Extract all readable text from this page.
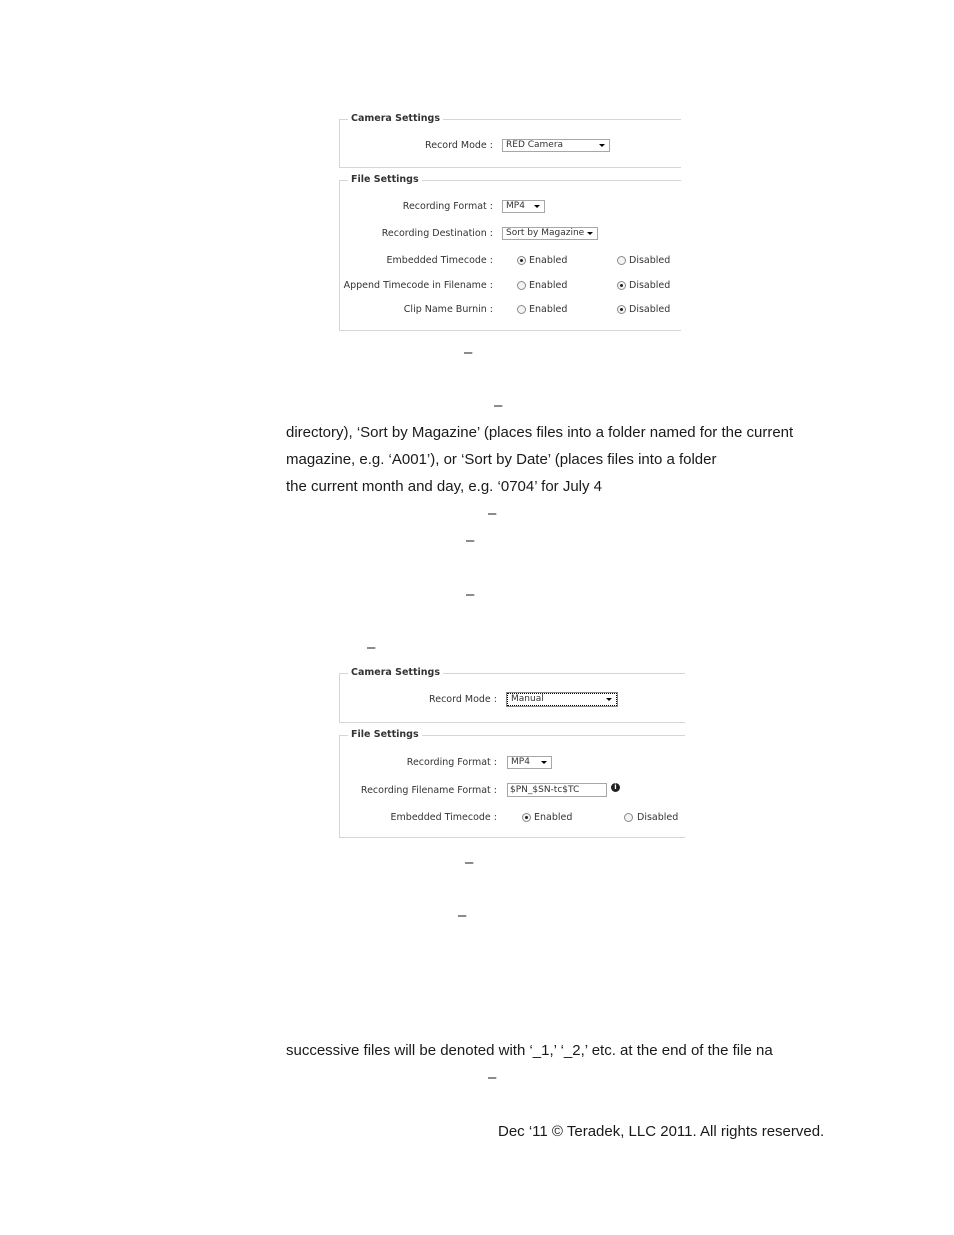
Camera Settings
Record Mode :	RED Camera
File Settings
Recording Format :	MP4
Recording Destination :	Sort by Magazine
Embedded Timecode :	Enabled	Disabled
Append Timecode in Filename :	Enabled	Disabled
Clip Name Burnin :	Enabled	Disabled
–
–
directory), ‘Sort by Magazine’ (places files into a folder named for the current
magazine, e.g. ‘A001’), or ‘Sort by Date’ (places files into a folder
the current month and day, e.g. ‘0704’ for July 4
–
–
–
–
Camera Settings
Record Mode :	Manual
File Settings
Recording Format :	MP4
Recording Filename Format :	$PN_$SN-tc$TC	i
Embedded Timecode :	Enabled	Disabled
–
–
successive files will be denoted with ‘_1,’ ‘_2,’ etc. at the end of the file na
–
Dec ‘11 © Teradek, LLC 2011. All rights reserved.
